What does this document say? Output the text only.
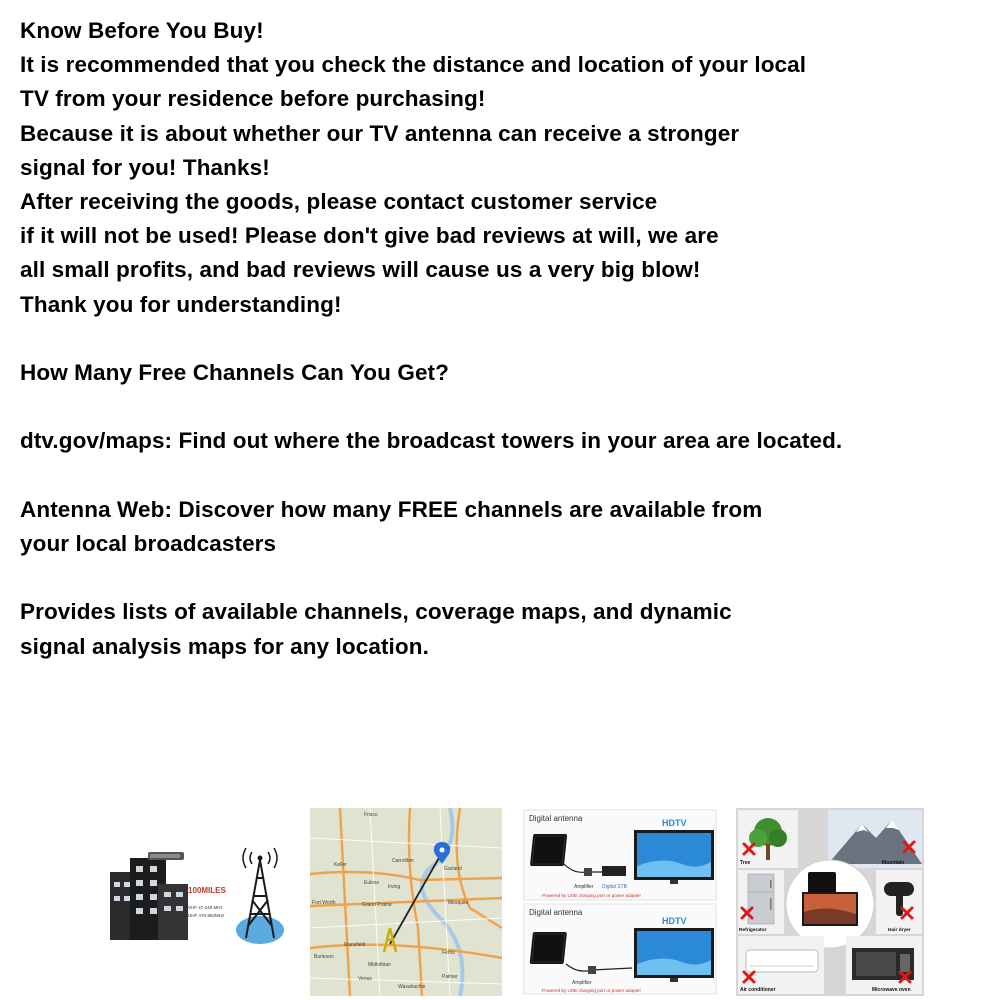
Know Before You Buy!
It is recommended that you check the distance and location of your local
TV from your residence before purchasing!
Because it is about whether our TV antenna can receive a stronger
signal for you! Thanks!
After receiving the goods, please contact customer service
if it will not be used! Please don't give bad reviews at will, we are
all small profits, and bad reviews will cause us a very big blow!
Thank you for understanding!
How Many Free Channels Can You Get?
dtv.gov/maps: Find out where the broadcast towers in your area are located.
Antenna Web: Discover how many FREE channels are available from
your local broadcasters
Provides lists of available channels, coverage maps, and dynamic
signal analysis maps for any location.
100MILES
VHF 47-240 MHz
UHF 470-862MHz
Frisco
Carrollton
Garland
Keller
Euless
Irving
Fort Worth	Grand Prairie	Mesquite
Mansfield
Burleson
Midlothian
Ferris
Venus	Palmer
Waxahachie
Digital antenna
Amplifier Digital STB
Powered by USB charging port or power adapter
HDTV
Digital antenna
Amplifier
Powered by USB charging port or power adapter
HDTV
Tree	Mountain
Refrigerator	Hair dryer
Air conditioner	Microwave oven
